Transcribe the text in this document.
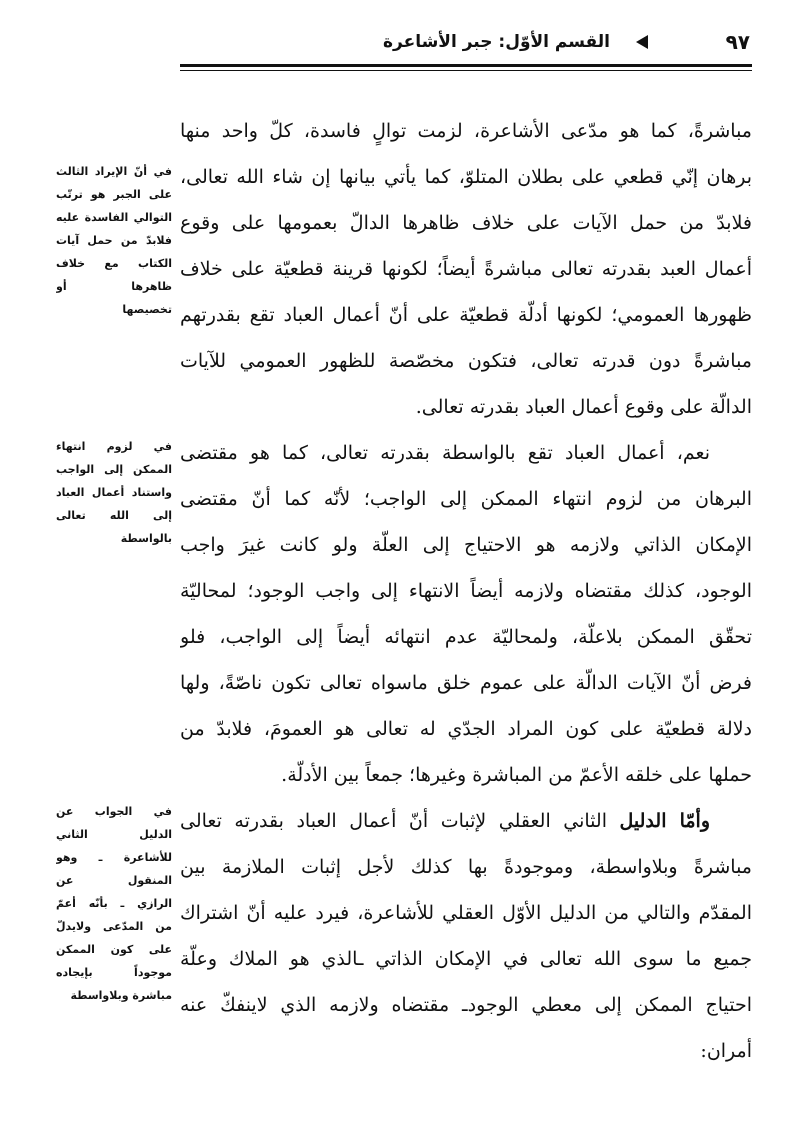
٩٧
القسم الأوّل: جبر الأشاعرة
مباشرةً، كما هو مدّعى الأشاعرة، لزمت توالٍ فاسدة، كلّ واحد منها
برهان إنّي قطعي على بطلان المتلوّ، كما يأتي بيانها إن شاء الله تعالى،
فلابدّ من حمل الآيات على خلاف ظاهرها الدالّ بعمومها على وقوع
أعمال العبد بقدرته تعالى مباشرةً أيضاً؛ لكونها قرينة قطعيّة على خلاف
ظهورها العمومي؛ لكونها أدلّة قطعيّة على أنّ أعمال العباد تقع بقدرتهم
مباشرةً دون قدرته تعالى، فتكون مخصّصة للظهور العمومي للآيات
الدالّة على وقوع أعمال العباد بقدرته تعالى.
نعم، أعمال العباد تقع بالواسطة بقدرته تعالى، كما هو مقتضى
البرهان من لزوم انتهاء الممكن إلى الواجب؛ لأنّه كما أنّ مقتضى
الإمكان الذاتي ولازمه هو الاحتياج إلى العلّة ولو كانت غيرَ واجب
الوجود، كذلك مقتضاه ولازمه أيضاً الانتهاء إلى واجب الوجود؛ لمحاليّة
تحقّق الممكن بلاعلّة، ولمحاليّة عدم انتهائه أيضاً إلى الواجب، فلو
فرض أنّ الآيات الدالّة على عموم خلق ماسواه تعالى تكون ناصّةً، ولها
دلالة قطعيّة على كون المراد الجدّي له تعالى هو العمومَ، فلابدّ من
حملها على خلقه الأعمّ من المباشرة وغيرها؛ جمعاً بين الأدلّة.
وأمّا الدليل الثاني العقلي لإثبات أنّ أعمال العباد بقدرته تعالى
مباشرةً وبلاواسطة، وموجودةً بها كذلك لأجل إثبات الملازمة بين
المقدّم والتالي من الدليل الأوّل العقلي للأشاعرة، فيرد عليه أنّ اشتراك
جميع ما سوى الله تعالى في الإمكان الذاتي ـالذي هو الملاك وعلّة
احتياج الممكن إلى معطي الوجودـ مقتضاه ولازمه الذي لاينفكّ عنه
أمران:
في أنّ الإيراد الثالث
على الجبر هو ترتّب
التوالي الفاسدة عليه
فلابدّ من حمل آيات
الكتاب مع خلاف
ظاهرها أو
تخصيصها
في لزوم انتهاء
الممكن إلى الواجب
واستناد أعمال العباد
إلى الله تعالى
بالواسطة
في الجواب عن
الدليل الثاني
للأشاعرة ـ وهو
المنقول عن
الرازي ـ بأنّه أعمّ
من المدّعى ولايدلّ
على كون الممكن
موجوداً بإيجاده
مباشرة وبلاواسطة
